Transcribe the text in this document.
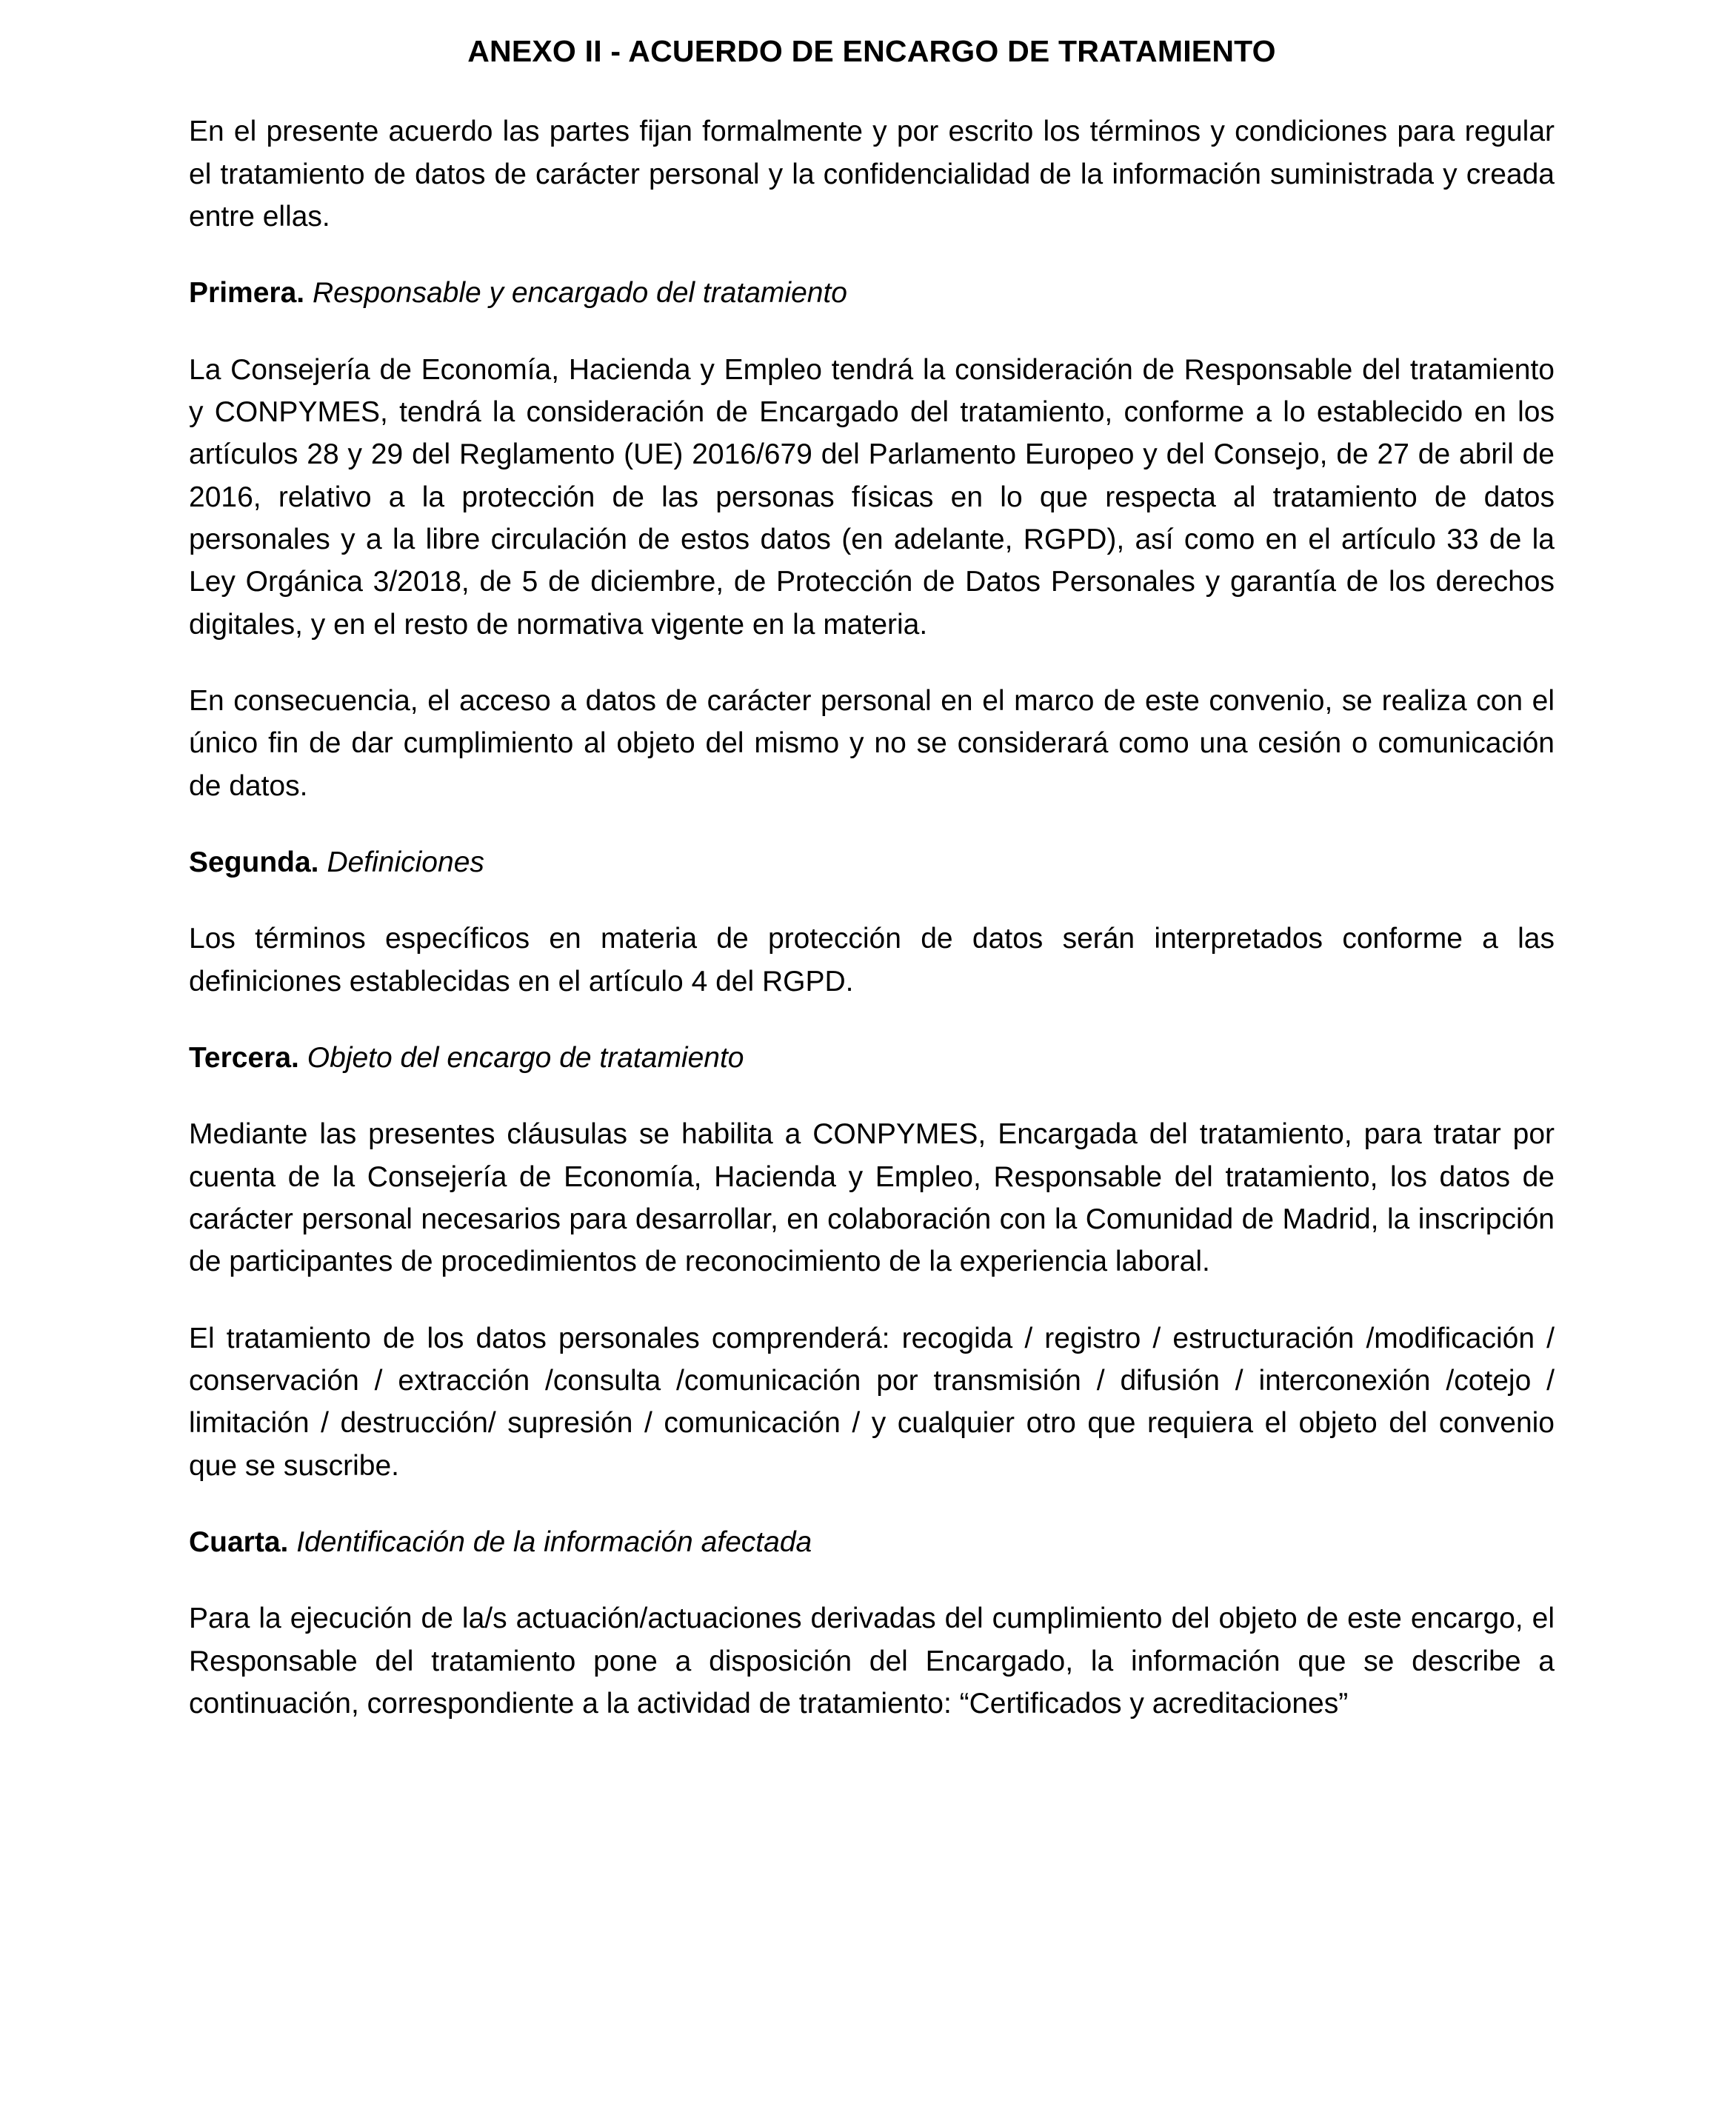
ANEXO II - ACUERDO DE ENCARGO DE TRATAMIENTO

En el presente acuerdo las partes fijan formalmente y por escrito los términos y condiciones para regular el tratamiento de datos de carácter personal y la confidencialidad de la información suministrada y creada entre ellas.

Primera. Responsable y encargado del tratamiento

La Consejería de Economía, Hacienda y Empleo tendrá la consideración de Responsable del tratamiento y CONPYMES, tendrá la consideración de Encargado del tratamiento, conforme a lo establecido en los artículos 28 y 29 del Reglamento (UE) 2016/679 del Parlamento Europeo y del Consejo, de 27 de abril de 2016, relativo a la protección de las personas físicas en lo que respecta al tratamiento de datos personales y a la libre circulación de estos datos (en adelante, RGPD), así como en el artículo 33 de la Ley Orgánica 3/2018, de 5 de diciembre, de Protección de Datos Personales y garantía de los derechos digitales, y en el resto de normativa vigente en la materia.

En consecuencia, el acceso a datos de carácter personal en el marco de este convenio, se realiza con el único fin de dar cumplimiento al objeto del mismo y no se considerará como una cesión o comunicación de datos.

Segunda. Definiciones

Los términos específicos en materia de protección de datos serán interpretados conforme a las definiciones establecidas en el artículo 4 del RGPD.

Tercera. Objeto del encargo de tratamiento

Mediante las presentes cláusulas se habilita a CONPYMES, Encargada del tratamiento, para tratar por cuenta de la Consejería de Economía, Hacienda y Empleo, Responsable del tratamiento, los datos de carácter personal necesarios para desarrollar, en colaboración con la Comunidad de Madrid, la inscripción de participantes de procedimientos de reconocimiento de la experiencia laboral.

El tratamiento de los datos personales comprenderá: recogida / registro / estructuración /modificación / conservación / extracción /consulta /comunicación por transmisión / difusión / interconexión /cotejo / limitación / destrucción/ supresión / comunicación / y cualquier otro que requiera el objeto del convenio que se suscribe.

Cuarta. Identificación de la información afectada

Para la ejecución de la/s actuación/actuaciones derivadas del cumplimiento del objeto de este encargo, el Responsable del tratamiento pone a disposición del Encargado, la información que se describe a continuación, correspondiente a la actividad de tratamiento: “Certificados y acreditaciones”
